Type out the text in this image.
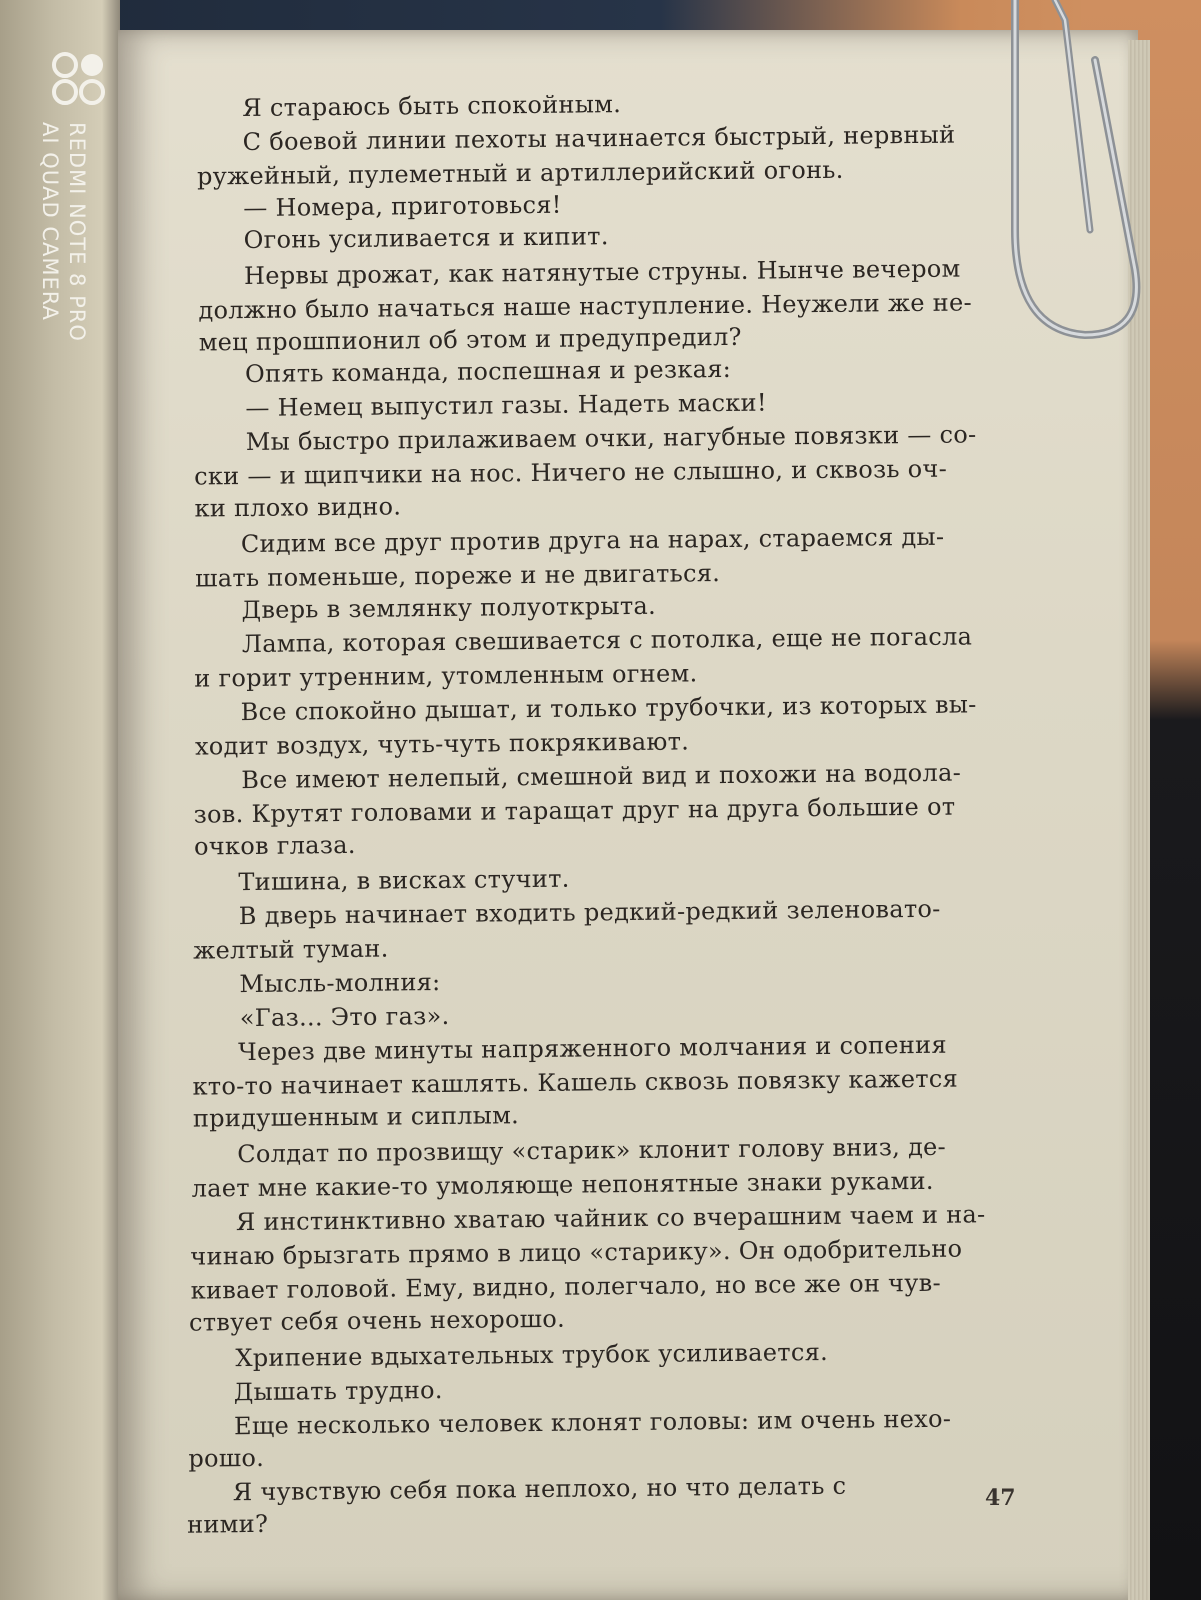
REDMI NOTE 8 PRO
AI QUAD CAMERA
Я стараюсь быть спокойным.
С боевой линии пехоты начинается быстрый, нервный
ружейный, пулеметный и артиллерийский огонь.
— Номера, приготовься!
Огонь усиливается и кипит.
Нервы дрожат, как натянутые струны. Нынче вечером
должно было начаться наше наступление. Неужели же не-
мец пpошпионил об этом и предупредил?
Опять команда, поспешная и резкая:
— Немец выпустил газы. Надеть маски!
Мы быстро прилаживаем очки, нагубные повязки — со-
ски — и щипчики на нос. Ничего не слышно, и сквозь оч-
ки плохо видно.
Сидим все друг против друга на нарах, стараемся ды-
шать поменьше, пореже и не двигаться.
Дверь в землянку полуоткрыта.
Лампа, которая свешивается с потолка, еще не погасла
и горит утренним, утомленным огнем.
Все спокойно дышат, и только трубочки, из которых вы-
ходит воздух, чуть-чуть покрякивают.
Все имеют нелепый, смешной вид и похожи на водола-
зов. Крутят головами и таращат друг на друга большие от
очков глаза.
Тишина, в висках стучит.
В дверь начинает входить редкий-редкий зеленовато-
желтый туман.
Мысль-молния:
«Газ... Это газ».
Через две минуты напряженного молчания и сопения
кто-то начинает кашлять. Кашель сквозь повязку кажется
придушенным и сиплым.
Солдат по прозвищу «старик» клонит голову вниз, де-
лает мне какие-то умоляюще непонятные знаки руками.
Я инстинктивно хватаю чайник со вчерашним чаем и на-
чинаю брызгать прямо в лицо «старику». Он одобрительно
кивает головой. Ему, видно, полегчало, но все же он чув-
ствует себя очень нехорошо.
Хрипение вдыхательных трубок усиливается.
Дышать трудно.
Еще несколько человек клонят головы: им очень нехо-
рошо.
Я чувствую себя пока неплохо, но что делать с
ними?
47
